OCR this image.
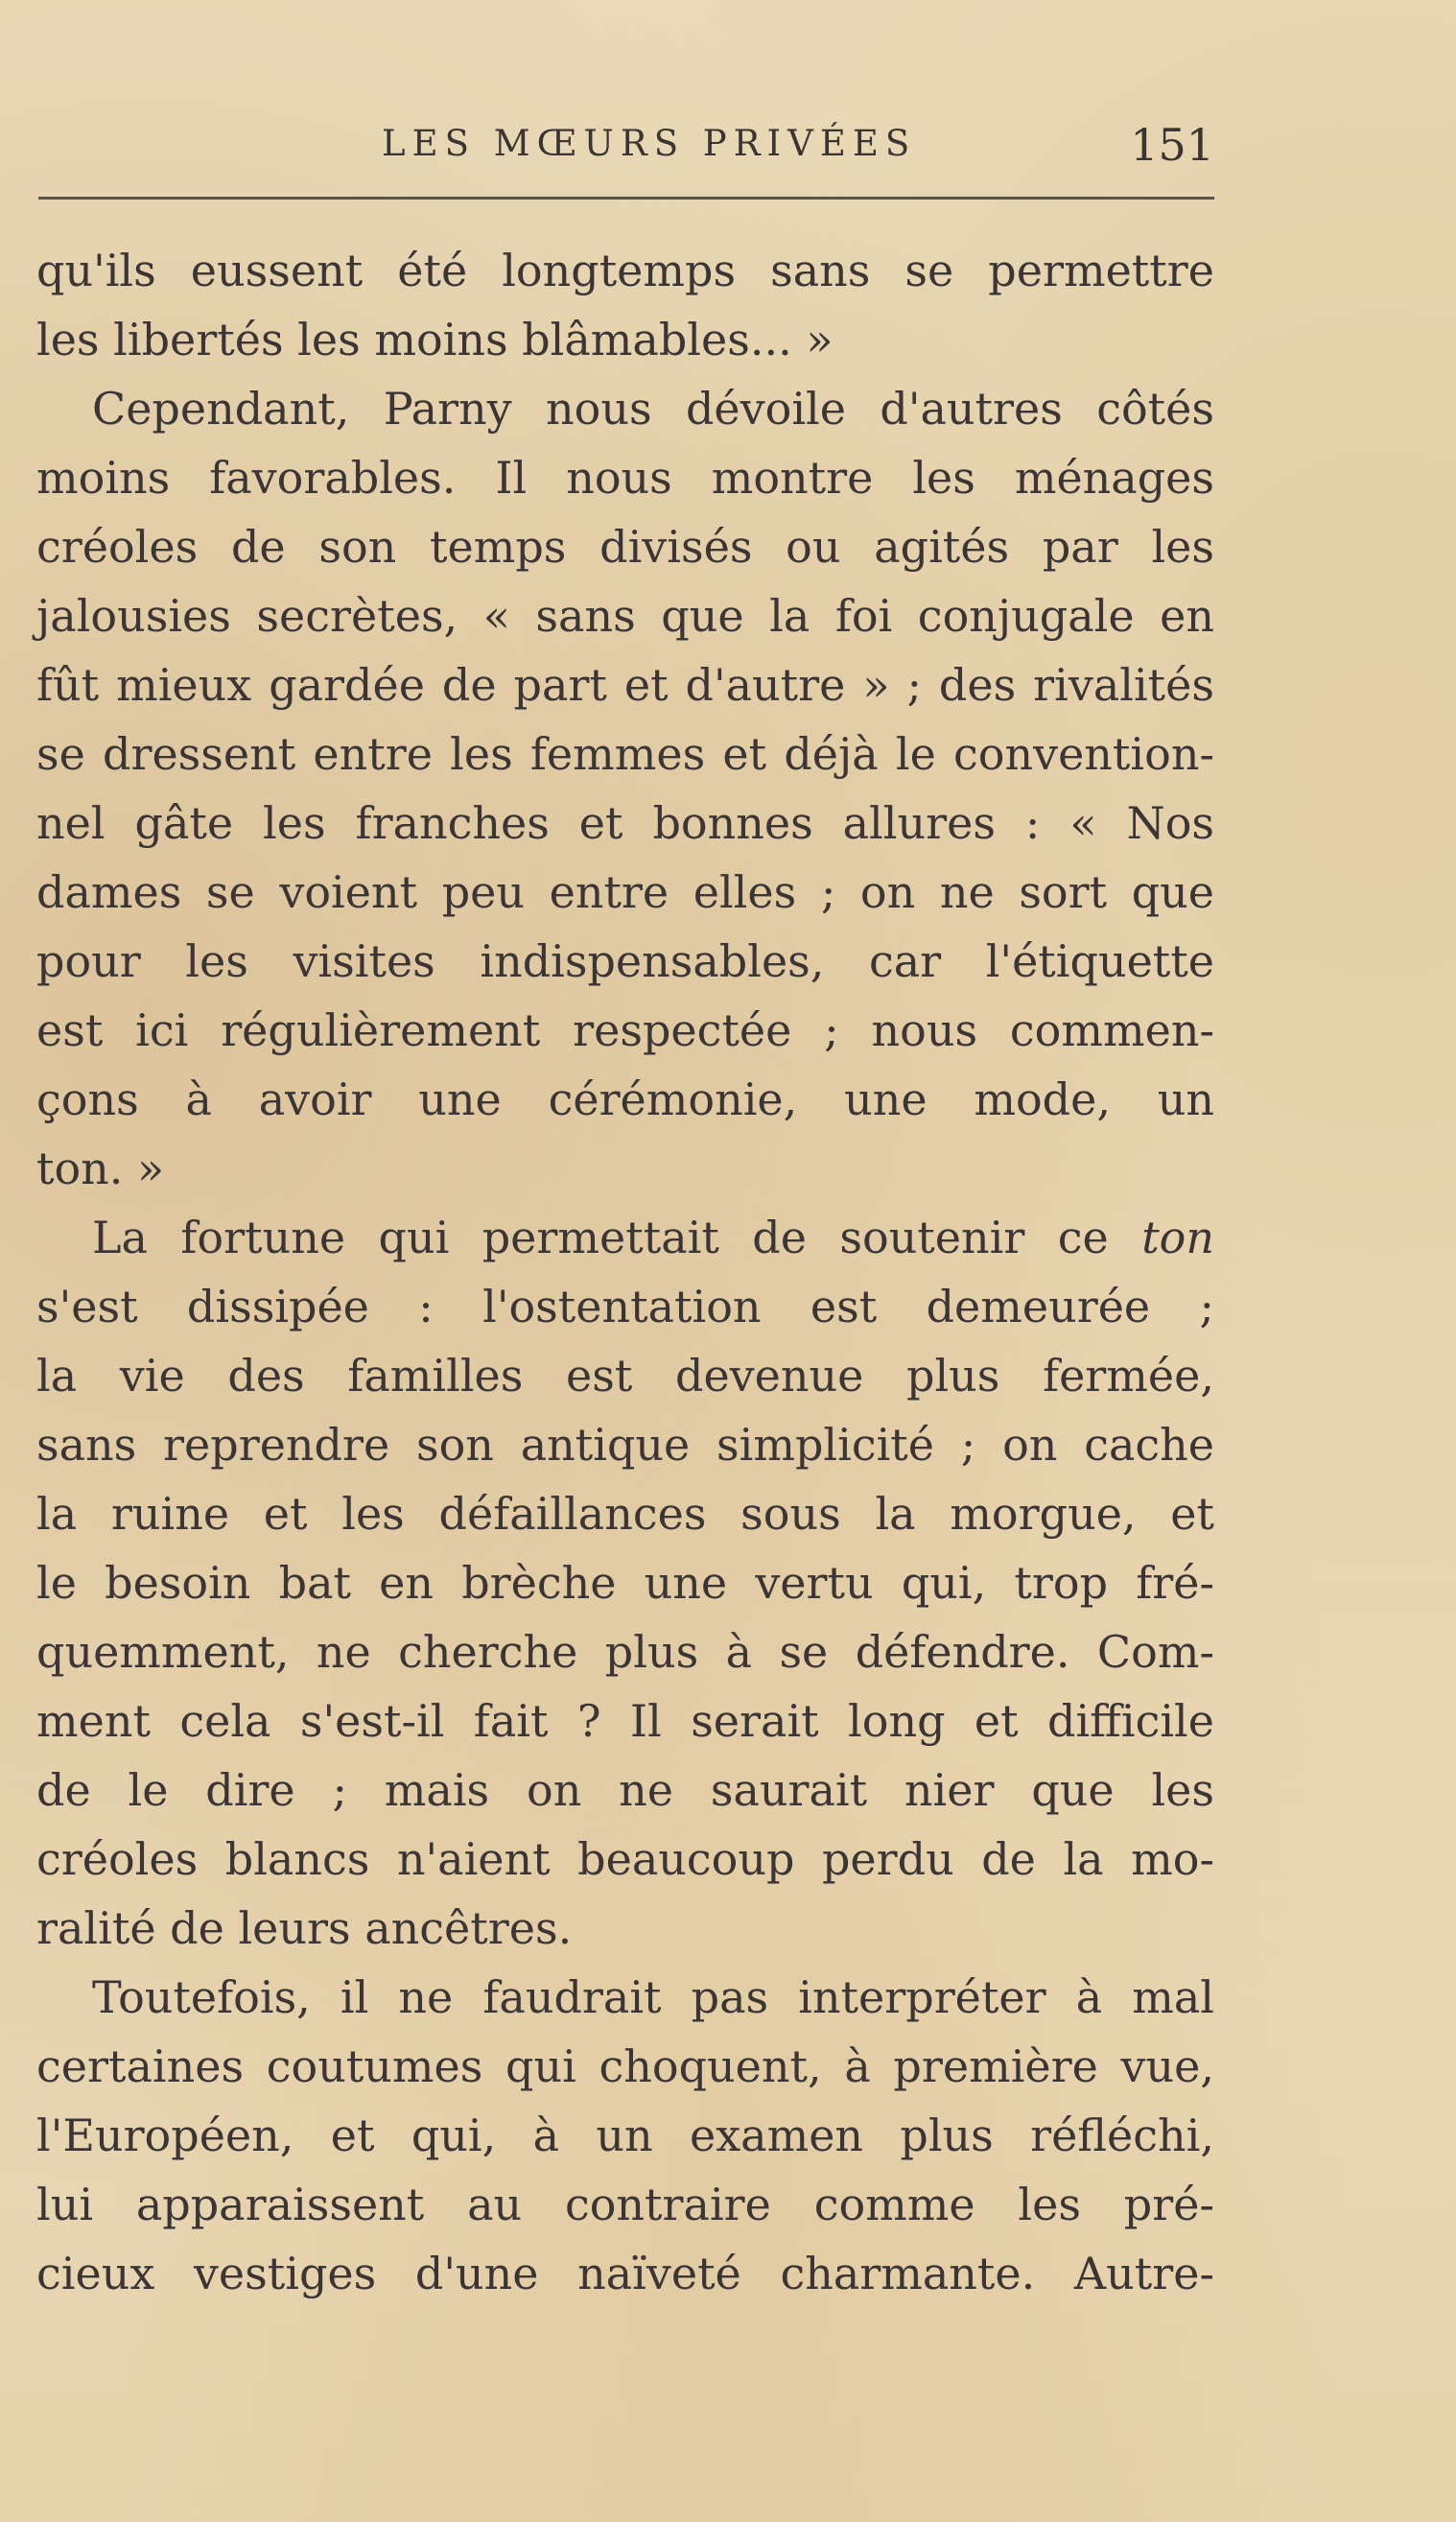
LES MŒURS PRIVÉES	151
qu'ils eussent été longtemps sans se permettre
les libertés les moins blâmables... »
Cependant, Parny nous dévoile d'autres côtés
moins favorables. Il nous montre les ménages
créoles de son temps divisés ou agités par les
jalousies secrètes, « sans que la foi conjugale en
fût mieux gardée de part et d'autre » ; des rivalités
se dressent entre les femmes et déjà le convention-
nel gâte les franches et bonnes allures : « Nos
dames se voient peu entre elles ; on ne sort que
pour les visites indispensables, car l'étiquette
est ici régulièrement respectée ; nous commen-
çons à avoir une cérémonie, une mode, un
ton. »
La fortune qui permettait de soutenir ce ton
s'est dissipée : l'ostentation est demeurée ;
la vie des familles est devenue plus fermée,
sans reprendre son antique simplicité ; on cache
la ruine et les défaillances sous la morgue, et
le besoin bat en brèche une vertu qui, trop fré-
quemment, ne cherche plus à se défendre. Com-
ment cela s'est-il fait ? Il serait long et difficile
de le dire ; mais on ne saurait nier que les
créoles blancs n'aient beaucoup perdu de la mo-
ralité de leurs ancêtres.
Toutefois, il ne faudrait pas interpréter à mal
certaines coutumes qui choquent, à première vue,
l'Européen, et qui, à un examen plus réfléchi,
lui apparaissent au contraire comme les pré-
cieux vestiges d'une naïveté charmante. Autre-
